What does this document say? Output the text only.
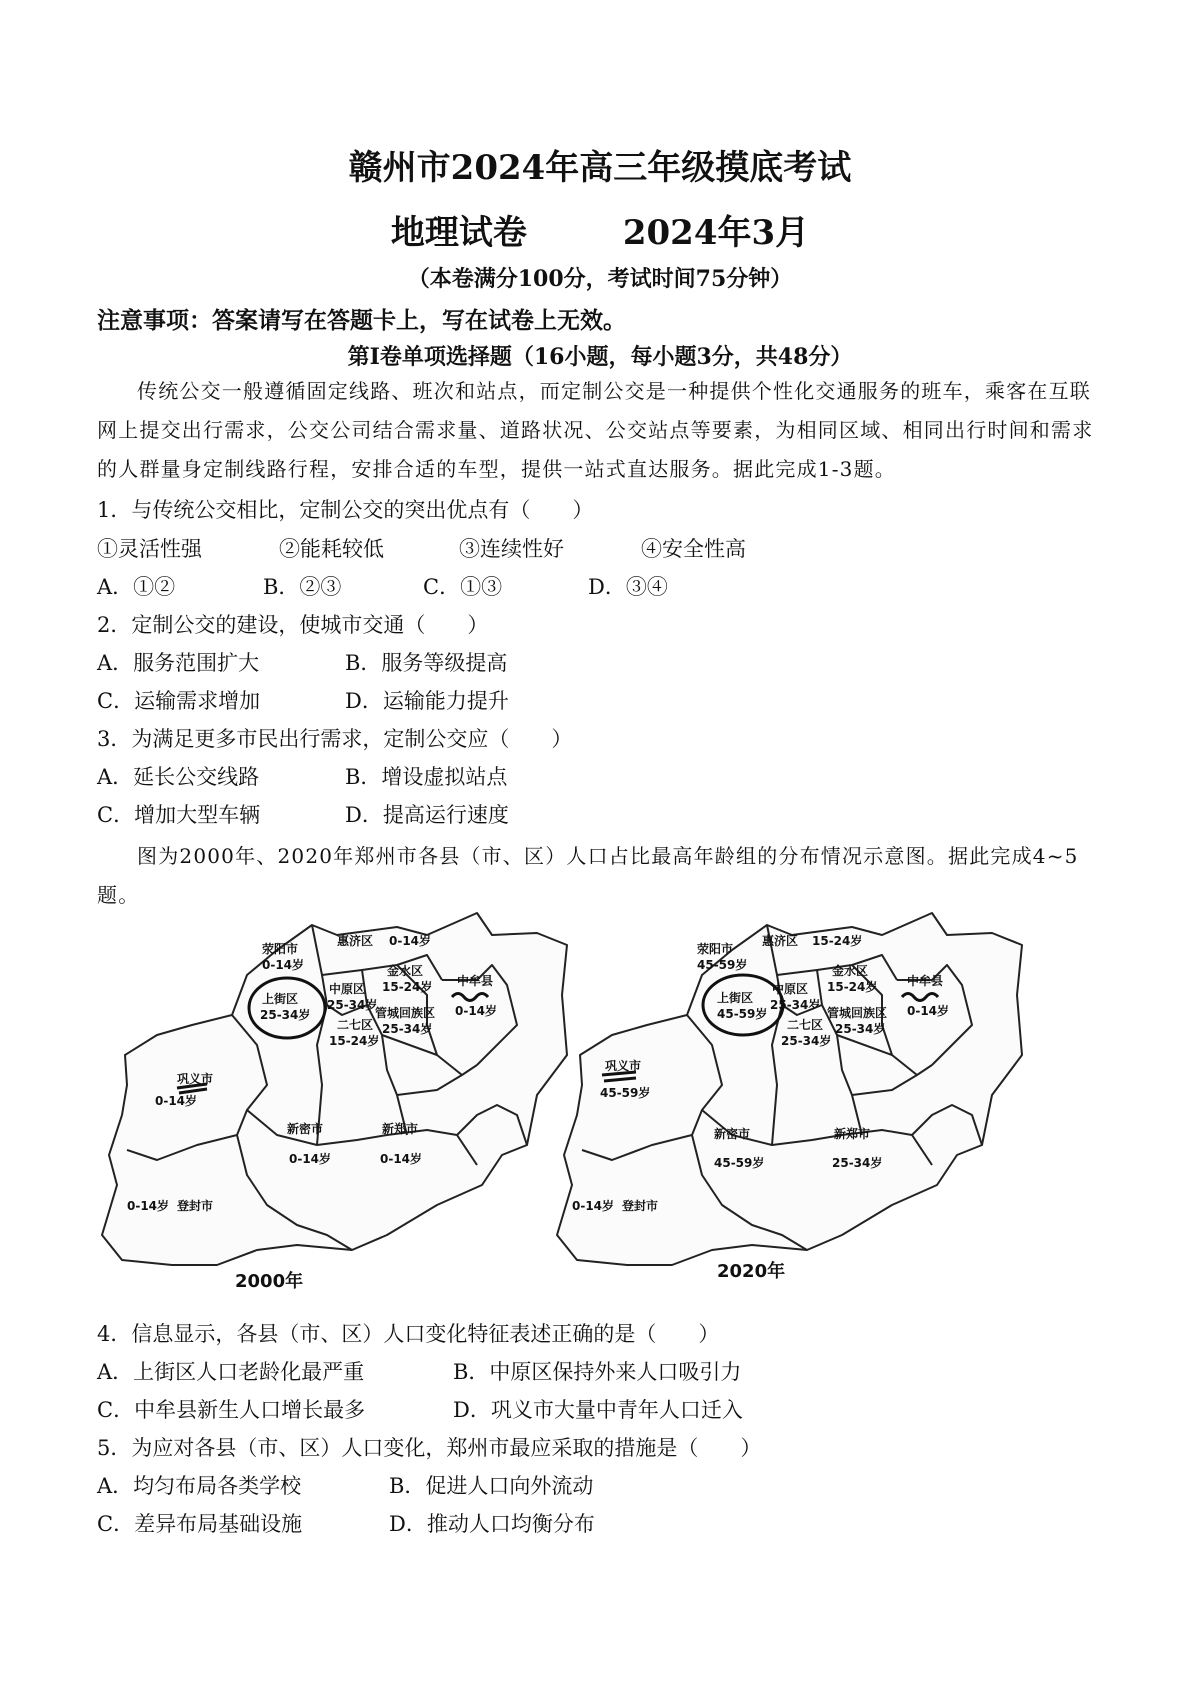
赣州市2024年高三年级摸底考试
地理试卷	2024年3月
（本卷满分100分，考试时间75分钟）
注意事项：答案请写在答题卡上，写在试卷上无效。
第Ⅰ卷单项选择题（16小题，每小题3分，共48分）
传统公交一般遵循固定线路、班次和站点，而定制公交是一种提供个性化交通服务的班车，乘客在互联网上提交出行需求，公交公司结合需求量、道路状况、公交站点等要素，为相同区域、相同出行时间和需求的人群量身定制线路行程，安排合适的车型，提供一站式直达服务。据此完成1-3题。
1．与传统公交相比，定制公交的突出优点有（　　）
①灵活性强	②能耗较低	③连续性好	④安全性高
A．①②	B．②③	C．①③	D．③④
2．定制公交的建设，使城市交通（　　）
A．服务范围扩大	B．服务等级提高
C．运输需求增加	D．运输能力提升
3．为满足更多市民出行需求，定制公交应（　　）
A．延长公交线路	B．增设虚拟站点
C．增加大型车辆	D．提高运行速度
图为2000年、2020年郑州市各县（市、区）人口占比最高年龄组的分布情况示意图。据此完成4~5题。
荥阳市
0-14岁
惠济区 0-14岁
上街区
25-34岁
中原区
25-34岁
金水区
15-24岁 中牟县
0-14岁
管城回族区
25-34岁
二七区
15-24岁
巩义市
0-14岁
新密市
0-14岁
新郑市
0-14岁
登封市
0-14岁
荥阳市
45-59岁
惠济区 15-24岁
上街区
45-59岁
中原区
25-34岁
金水区
15-24岁 中牟县
0-14岁
管城回族区
25-34岁
二七区
25-34岁
巩义市
45-59岁
新密市
45-59岁
新郑市
25-34岁
登封市
0-14岁
2000年	2020年
4．信息显示，各县（市、区）人口变化特征表述正确的是（　　）
A．上街区人口老龄化最严重	B．中原区保持外来人口吸引力
C．中牟县新生人口增长最多	D．巩义市大量中青年人口迁入
5．为应对各县（市、区）人口变化，郑州市最应采取的措施是（　　）
A．均匀布局各类学校	B．促进人口向外流动
C．差异布局基础设施	D．推动人口均衡分布
